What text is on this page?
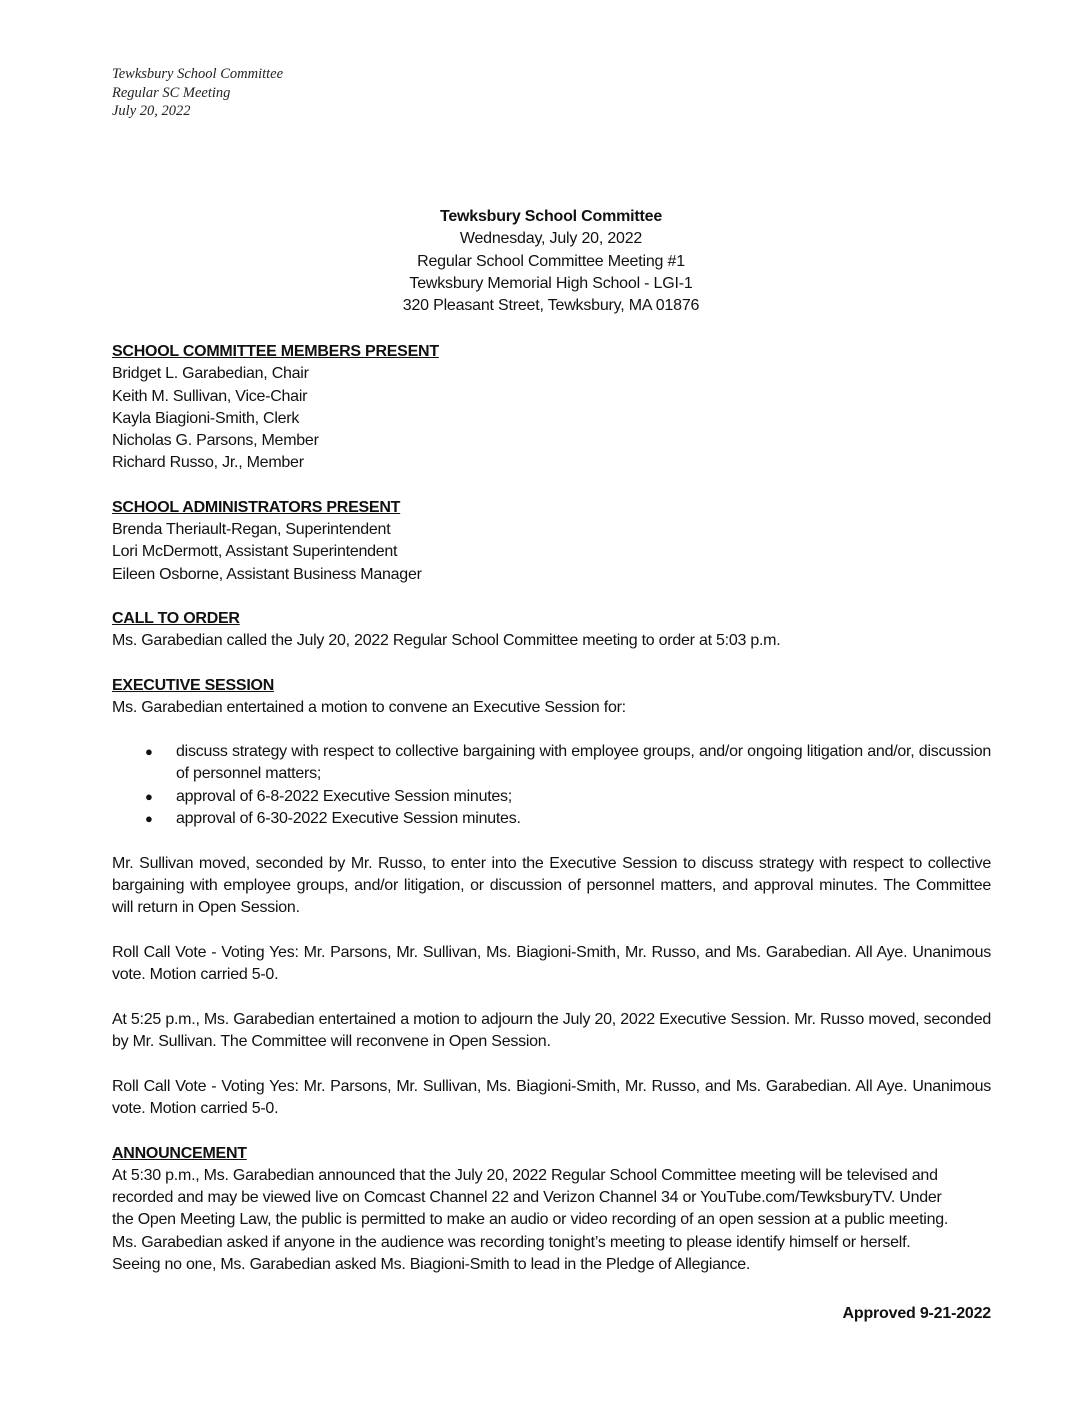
Tewksbury School Committee
Regular SC Meeting
July 20, 2022
Tewksbury School Committee
Wednesday, July 20, 2022
Regular School Committee Meeting #1
Tewksbury Memorial High School - LGI-1
320 Pleasant Street, Tewksbury, MA 01876
SCHOOL COMMITTEE MEMBERS PRESENT
Bridget L. Garabedian, Chair
Keith M. Sullivan, Vice-Chair
Kayla Biagioni-Smith, Clerk
Nicholas G. Parsons, Member
Richard Russo, Jr., Member
SCHOOL ADMINISTRATORS PRESENT
Brenda Theriault-Regan, Superintendent
Lori McDermott, Assistant Superintendent
Eileen Osborne, Assistant Business Manager
CALL TO ORDER
Ms. Garabedian called the July 20, 2022 Regular School Committee meeting to order at 5:03 p.m.
EXECUTIVE SESSION

Ms. Garabedian entertained a motion to convene an Executive Session for:

● discuss strategy with respect to collective bargaining with employee groups, and/or ongoing litigation and/or, discussion of personnel matters;
● approval of 6-8-2022 Executive Session minutes;
● approval of 6-30-2022 Executive Session minutes.

Mr. Sullivan moved, seconded by Mr. Russo, to enter into the Executive Session to discuss strategy with respect to collective bargaining with employee groups, and/or litigation, or discussion of personnel matters, and approval minutes. The Committee will return in Open Session.

Roll Call Vote - Voting Yes: Mr. Parsons, Mr. Sullivan, Ms. Biagioni-Smith, Mr. Russo, and Ms. Garabedian. All Aye. Unanimous vote. Motion carried 5-0.

At 5:25 p.m., Ms. Garabedian entertained a motion to adjourn the July 20, 2022 Executive Session. Mr. Russo moved, seconded by Mr. Sullivan. The Committee will reconvene in Open Session.

Roll Call Vote - Voting Yes: Mr. Parsons, Mr. Sullivan, Ms. Biagioni-Smith, Mr. Russo, and Ms. Garabedian. All Aye. Unanimous vote. Motion carried 5-0.

ANNOUNCEMENT
At 5:30 p.m., Ms. Garabedian announced that the July 20, 2022 Regular School Committee meeting will be televised and
recorded and may be viewed live on Comcast Channel 22 and Verizon Channel 34 or YouTube.com/TewksburyTV. Under
the Open Meeting Law, the public is permitted to make an audio or video recording of an open session at a public meeting.
Ms. Garabedian asked if anyone in the audience was recording tonight’s meeting to please identify himself or herself.
Seeing no one, Ms. Garabedian asked Ms. Biagioni-Smith to lead in the Pledge of Allegiance.
Approved 9-21-2022
